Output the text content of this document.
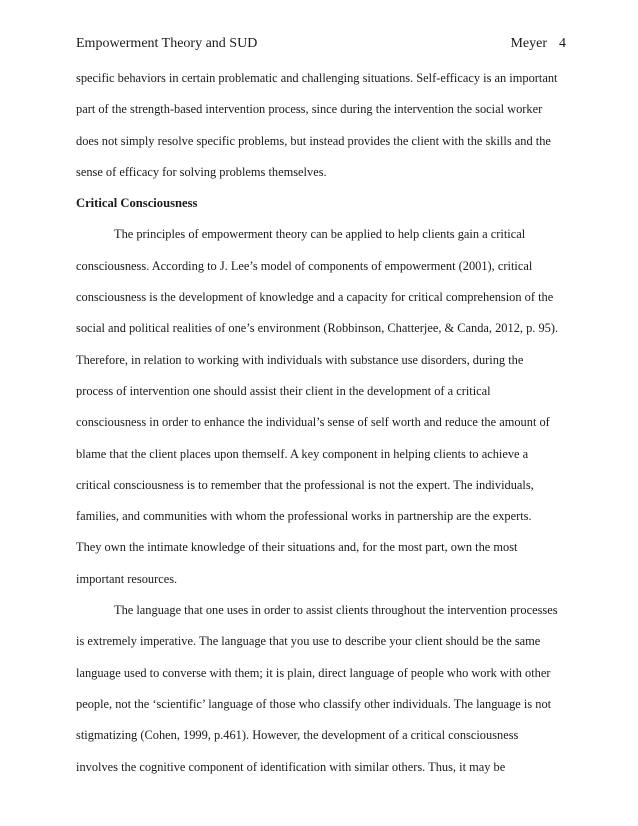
Empowerment Theory and SUD	Meyer 4
specific behaviors in certain problematic and challenging situations. Self-efficacy is an important
part of the strength-based intervention process, since during the intervention the social worker
does not simply resolve specific problems, but instead provides the client with the skills and the
sense of efficacy for solving problems themselves.
Critical Consciousness
The principles of empowerment theory can be applied to help clients gain a critical
consciousness. According to J. Lee’s model of components of empowerment (2001), critical
consciousness is the development of knowledge and a capacity for critical comprehension of the
social and political realities of one’s environment (Robbinson, Chatterjee, & Canda, 2012, p. 95).
Therefore, in relation to working with individuals with substance use disorders, during the
process of intervention one should assist their client in the development of a critical
consciousness in order to enhance the individual’s sense of self worth and reduce the amount of
blame that the client places upon themself. A key component in helping clients to achieve a
critical consciousness is to remember that the professional is not the expert. The individuals,
families, and communities with whom the professional works in partnership are the experts.
They own the intimate knowledge of their situations and, for the most part, own the most
important resources.
The language that one uses in order to assist clients throughout the intervention processes
is extremely imperative. The language that you use to describe your client should be the same
language used to converse with them; it is plain, direct language of people who work with other
people, not the ‘scientific’ language of those who classify other individuals. The language is not
stigmatizing (Cohen, 1999, p.461). However, the development of a critical consciousness
involves the cognitive component of identification with similar others. Thus, it may be
